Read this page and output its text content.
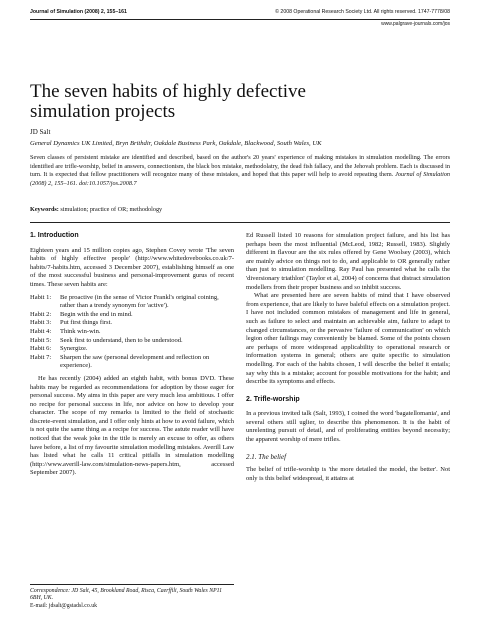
Journal of Simulation (2008) 2, 155–161	© 2008 Operational Research Society Ltd. All rights reserved. 1747-7778/08
www.palgrave-journals.com/jos
The seven habits of highly defective simulation projects
JD Salt
General Dynamics UK Limited, Bryn Brithdir, Oakdale Business Park, Oakdale, Blackwood, South Wales, UK

Seven classes of persistent mistake are identified and described, based on the author's 20 years' experience of making mistakes in simulation modelling. The errors identified are trifle-worship, belief in answers, connectionism, the black box mistake, methodolatry, the dead fish fallacy, and the Jehovah problem. Each is discussed in turn. It is expected that fellow practitioners will recognize many of these mistakes, and hoped that this paper will help to avoid repeating them. Journal of Simulation (2008) 2, 155–161. doi:10.1057/jos.2008.7

Keywords: simulation; practice of OR; methodology
1. Introduction

Eighteen years and 15 million copies ago, Stephen Covey wrote 'The seven habits of highly effective people' (http://www.whitedovebooks.co.uk/7-habits/7-habits.htm, accessed 3 December 2007), establishing himself as one of the most successful business and personal-improvement gurus of recent times. These seven habits are:

Habit 1:	Be proactive (in the sense of Victor Frankl's original coining, rather than a trendy synonym for 'active').
Habit 2:	Begin with the end in mind.
Habit 3:	Put first things first.
Habit 4:	Think win-win.
Habit 5:	Seek first to understand, then to be understood.
Habit 6:	Synergize.
Habit 7:	Sharpen the saw (personal development and reflection on experience).

He has recently (2004) added an eighth habit, with bonus DVD. These habits may be regarded as recommendations for adoption by those eager for personal success. My aims in this paper are very much less ambitious. I offer no recipe for personal success in life, nor advice on how to develop your character. The scope of my remarks is limited to the field of stochastic discrete-event simulation, and I offer only hints at how to avoid failure, which is not quite the same thing as a recipe for success. The astute reader will have noticed that the weak joke in the title is merely an excuse to offer, as others have before, a list of my favourite simulation modelling mistakes. Averill Law has listed what he calls 11 critical pitfalls in simulation modelling (http://www.averill-law.com/simulation-news-papers.htm, accessed September 2007).

Correspondence: JD Salt, 45, Brookland Road, Risca, Caerffili, South Wales NP11 6BH, UK.
E-mail: jdsalt@gstadsl.co.uk

Ed Russell listed 10 reasons for simulation project failure, and his list has perhaps been the most influential (McLeod, 1982; Russell, 1983). Slightly different in flavour are the six rules offered by Gene Woolsey (2003), which are mainly advice on things not to do, and applicable to OR generally rather than just to simulation modelling. Ray Paul has presented what he calls the 'diversionary triathlon' (Taylor et al, 2004) of concerns that distract simulation modellers from their proper business and so inhibit success.

What are presented here are seven habits of mind that I have observed from experience, that are likely to have baleful effects on a simulation project. I have not included common mistakes of management and life in general, such as failure to select and maintain an achievable aim, failure to adapt to changed circumstances, or the pervasive 'failure of communication' on which legion other failings may conveniently be blamed. Some of the points chosen are perhaps of more widespread applicability to operational research or information systems in general; others are quite specific to simulation modelling. For each of the habits chosen, I will describe the belief it entails; say why this is a mistake; account for possible motivations for the habit; and describe its symptoms and effects.

2. Trifle-worship

In a previous invited talk (Salt, 1993), I coined the word 'bagatellomania', and several others still uglier, to describe this phenomenon. It is the habit of unrelenting pursuit of detail, and of proliferating entities beyond necessity; the apparent worship of mere trifles.

2.1. The belief

The belief of trifle-worship is 'the more detailed the model, the better'. Not only is this belief widespread, it attains at
